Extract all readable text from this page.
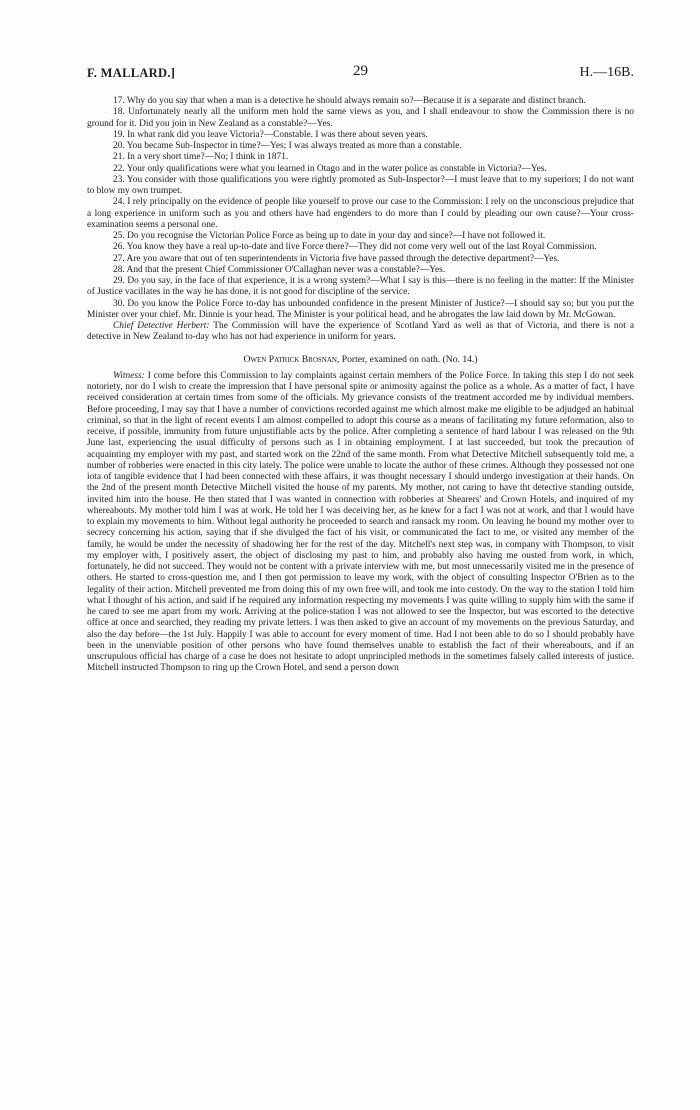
F. MALLARD.]	29	H.—16B.

17. Why do you say that when a man is a detective he should always remain so?—Because it is a separate and distinct branch.

18. Unfortunately nearly all the uniform men hold the same views as you, and I shall endeavour to show the Commission there is no ground for it. Did you join in New Zealand as a constable?—Yes.

19. In what rank did you leave Victoria?—Constable. I was there about seven years.

20. You became Sub-Inspector in time?—Yes; I was always treated as more than a constable.

21. In a very short time?—No; I think in 1871.

22. Your only qualifications were what you learned in Otago and in the water police as constable in Victoria?—Yes.

23. You consider with those qualifications you were rightly promoted as Sub-Inspector?—I must leave that to my superiors; I do not want to blow my own trumpet.

24. I rely principally on the evidence of people like yourself to prove our case to the Commission: I rely on the unconscious prejudice that a long experience in uniform such as you and others have had engenders to do more than I could by pleading our own cause?—Your cross-examination seems a personal one.

25. Do you recognise the Victorian Police Force as being up to date in your day and since?—I have not followed it.

26. You know they have a real up-to-date and live Force there?—They did not come very well out of the last Royal Commission.

27. Are you aware that out of ten superintendents in Victoria five have passed through the detective department?—Yes.

28. And that the present Chief Commissioner O'Callaghan never was a constable?—Yes.

29. Do you say, in the face of that experience, it is a wrong system?—What I say is this—there is no feeling in the matter: If the Minister of Justice vacillates in the way he has done, it is not good for discipline of the service.

30. Do you know the Police Force to-day has unbounded confidence in the present Minister of Justice?—I should say so; but you put the Minister over your chief. Mr. Dinnie is your head. The Minister is your political head, and he abrogates the law laid down by Mr. McGowan.

Chief Detective Herbert: The Commission will have the experience of Scotland Yard as well as that of Victoria, and there is not a detective in New Zealand to-day who has not had experience in uniform for years.

Owen Patrick Brosnan, Porter, examined on oath. (No. 14.)

Witness: I come before this Commission to lay complaints against certain members of the Police Force. In taking this step I do not seek notoriety, nor do I wish to create the impression that I have personal spite or animosity against the police as a whole. As a matter of fact, I have received consideration at certain times from some of the officials. My grievance consists of the treatment accorded me by individual members. Before proceeding, I may say that I have a number of convictions recorded against me which almost make me eligible to be adjudged an habitual criminal, so that in the light of recent events I am almost compelled to adopt this course as a means of facilitating my future reformation, also to receive, if possible, immunity from future unjustifiable acts by the police. After completing a sentence of hard labour I was released on the 9th June last, experiencing the usual difficulty of persons such as I in obtaining employment. I at last succeeded, but took the precaution of acquainting my employer with my past, and started work on the 22nd of the same month. From what Detective Mitchell subsequently told me, a number of robberies were enacted in this city lately. The police were unable to locate the author of these crimes. Although they possessed not one iota of tangible evidence that I had been connected with these affairs, it was thought necessary I should undergo investigation at their hands. On the 2nd of the present month Detective Mitchell visited the house of my parents. My mother, not caring to have tht detective standing outside, invited him into the house. He then stated that I was wanted in connection with robberies at Shearers' and Crown Hotels, and inquired of my whereabouts. My mother told him I was at work. He told her I was deceiving her, as he knew for a fact I was not at work, and that I would have to explain my movements to him. Without legal authority he proceeded to search and ransack my room. On leaving he bound my mother over to secrecy concerning his action, saying that if she divulged the fact of his visit, or communicated the fact to me, or visited any member of the family, he would be under the necessity of shadowing her for the rest of the day. Mitchell's next step was, in company with Thompson, to visit my employer with, I positively assert, the object of disclosing my past to him, and probably also having me ousted from work, in which, fortunately, he did not succeed. They would not be content with a private interview with me, but most unnecessarily visited me in the presence of others. He started to cross-question me, and I then got permission to leave my work, with the object of consulting Inspector O'Brien as to the legality of their action. Mitchell prevented me from doing this of my own free will, and took me into custody. On the way to the station I told him what I thought of his action, and said if he required any information respecting my movements I was quite willing to supply him with the same if he cared to see me apart from my work. Arriving at the police-station I was not allowed to see the Inspector, but was escorted to the detective office at once and searched, they reading my private letters. I was then asked to give an account of my movements on the previous Saturday, and also the day before—the 1st July. Happily I was able to account for every moment of time. Had I not been able to do so I should probably have been in the unenviable position of other persons who have found themselves unable to establish the fact of their whereabouts, and if an unscrupulous official has charge of a case he does not hesitate to adopt unprincipled methods in the sometimes falsely called interests of justice. Mitchell instructed Thompson to ring up the Crown Hotel, and send a person down
